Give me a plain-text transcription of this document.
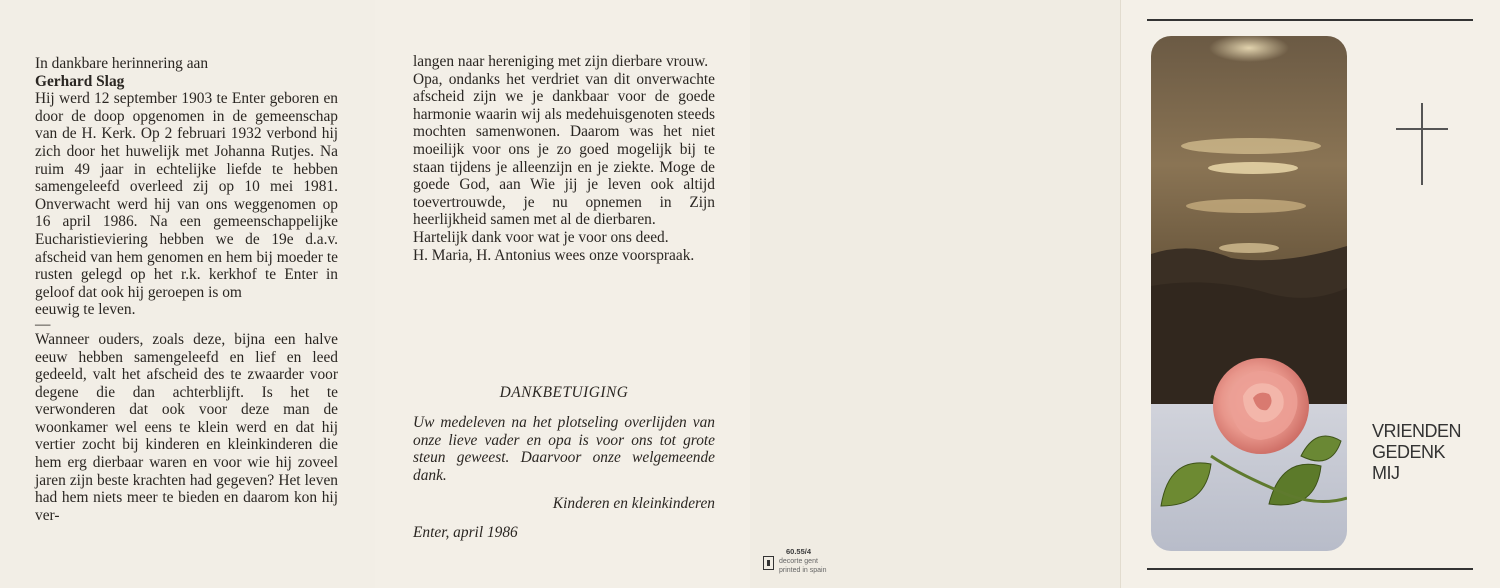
In dankbare herinnering aan

Gerhard Slag

Hij werd 12 september 1903 te Enter geboren en door de doop opgenomen in de gemeenschap van de H. Kerk. Op 2 februari 1932 verbond hij zich door het huwelijk met Johanna Rutjes. Na ruim 49 jaar in echtelijke liefde te hebben samengeleefd overleed zij op 10 mei 1981. Onverwacht werd hij van ons weggenomen op 16 april 1986. Na een gemeenschappelijke Eucharistieviering hebben we de 19e d.a.v. afscheid van hem genomen en hem bij moeder te rusten gelegd op het r.k. kerkhof te Enter in geloof dat ook hij geroepen is om

eeuwig te leven.

—

Wanneer ouders, zoals deze, bijna een halve eeuw hebben samengeleefd en lief en leed gedeeld, valt het afscheid des te zwaarder voor degene die dan achterblijft. Is het te verwonderen dat ook voor deze man de woonkamer wel eens te klein werd en dat hij vertier zocht bij kinderen en kleinkinderen die hem erg dierbaar waren en voor wie hij zoveel jaren zijn beste krachten had gegeven? Het leven had hem niets meer te bieden en daarom kon hij ver-

langen naar hereniging met zijn dierbare vrouw.

Opa, ondanks het verdriet van dit onverwachte afscheid zijn we je dankbaar voor de goede harmonie waarin wij als medehuisgenoten steeds mochten samenwonen. Daarom was het niet moeilijk voor ons je zo goed mogelijk bij te staan tijdens je alleenzijn en je ziekte. Moge de goede God, aan Wie jij je leven ook altijd toevertrouwde, je nu opnemen in Zijn heerlijkheid samen met al de dierbaren.

Hartelijk dank voor wat je voor ons deed.

H. Maria, H. Antonius wees onze voorspraak.

DANKBETUIGING
Uw medeleven na het plotseling overlijden van onze lieve vader en opa is voor ons tot grote steun geweest. Daarvoor onze welgemeende dank.
Kinderen en kleinkinderen
Enter, april 1986
60.55/4
decorte gent
printed in spain
VRIENDEN
GEDENK
MIJ
